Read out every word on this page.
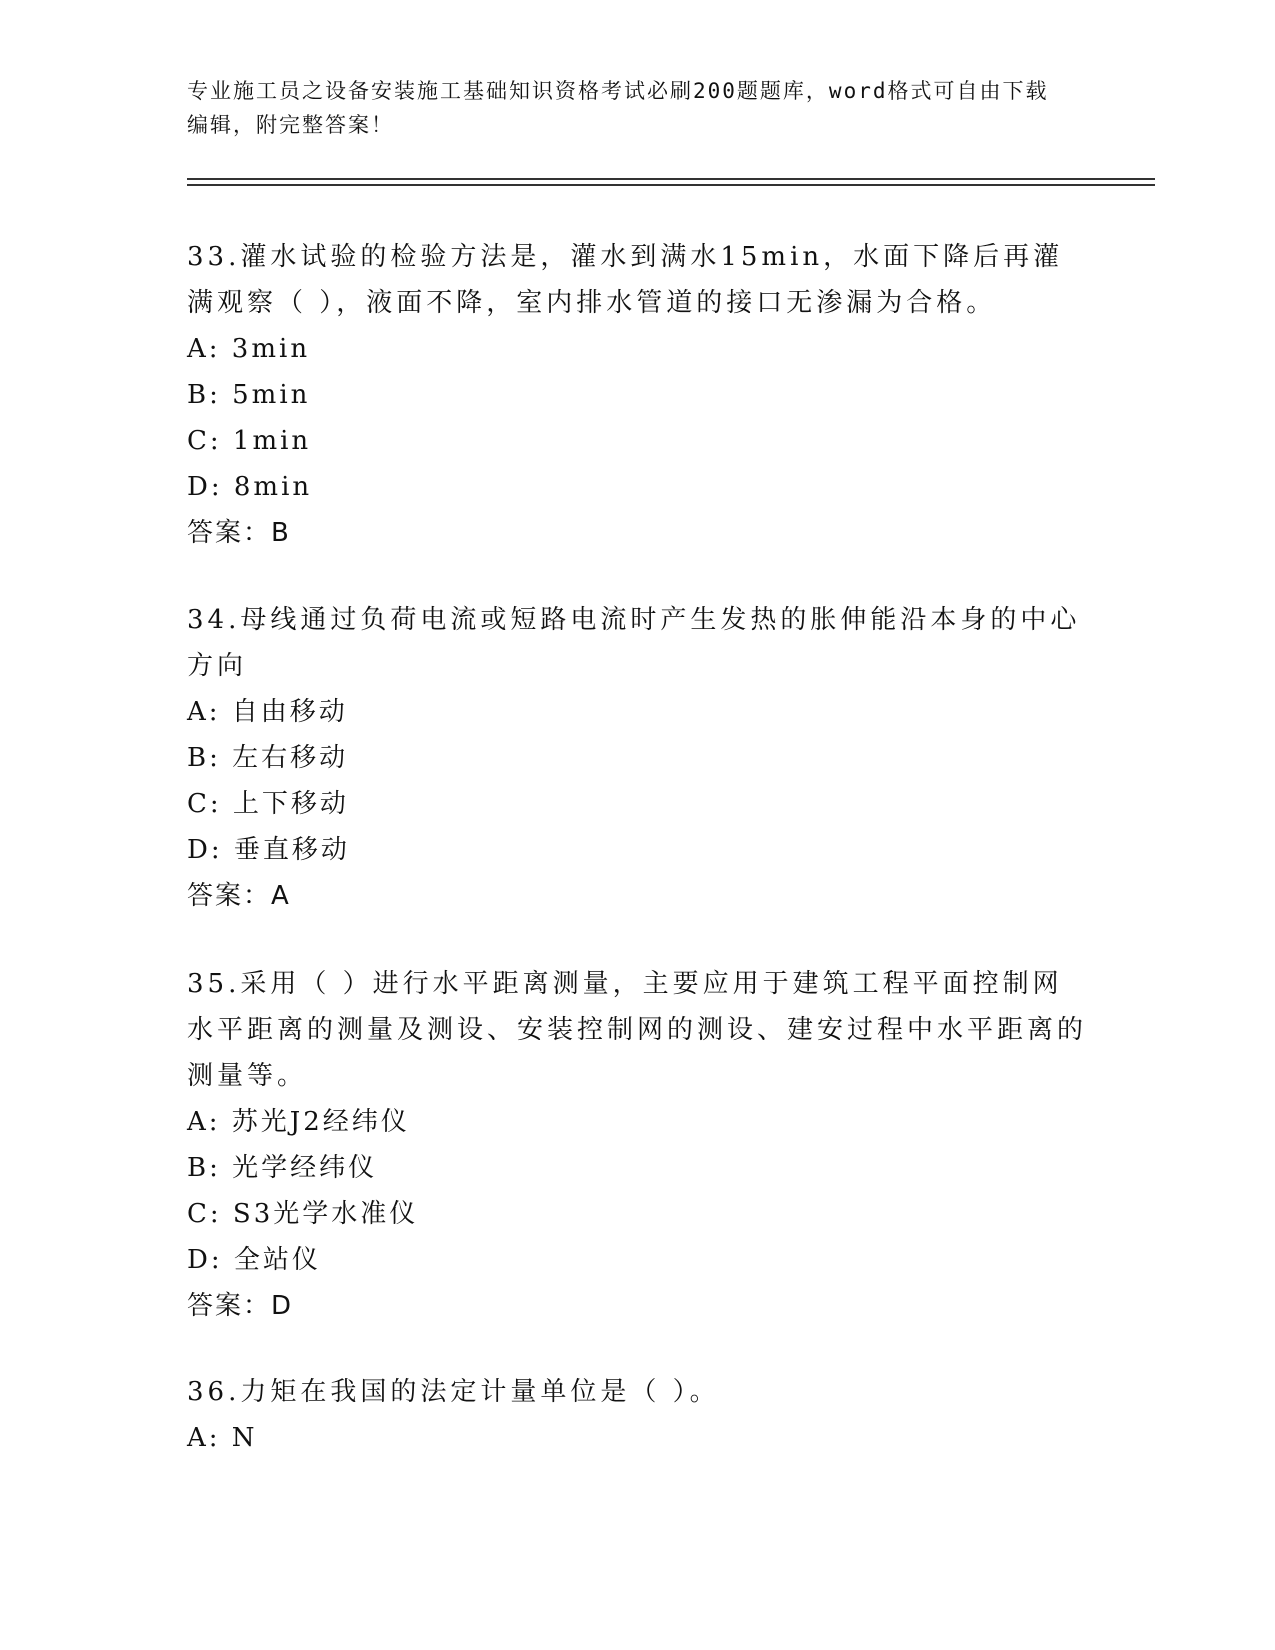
专业施工员之设备安装施工基础知识资格考试必刷200题题库，word格式可自由下载编辑，附完整答案！
33.灌水试验的检验方法是，灌水到满水15min，水面下降后再灌满观察（ ），液面不降，室内排水管道的接口无渗漏为合格。
A: 3min
B: 5min
C: 1min
D: 8min
答案：B
34.母线通过负荷电流或短路电流时产生发热的胀伸能沿本身的中心方向
A: 自由移动
B: 左右移动
C: 上下移动
D: 垂直移动
答案：A
35.采用（ ）进行水平距离测量，主要应用于建筑工程平面控制网水平距离的测量及测设、安装控制网的测设、建安过程中水平距离的测量等。
A: 苏光J2经纬仪
B: 光学经纬仪
C: S3光学水准仪
D: 全站仪
答案：D
36.力矩在我国的法定计量单位是（ ）。
A: N
